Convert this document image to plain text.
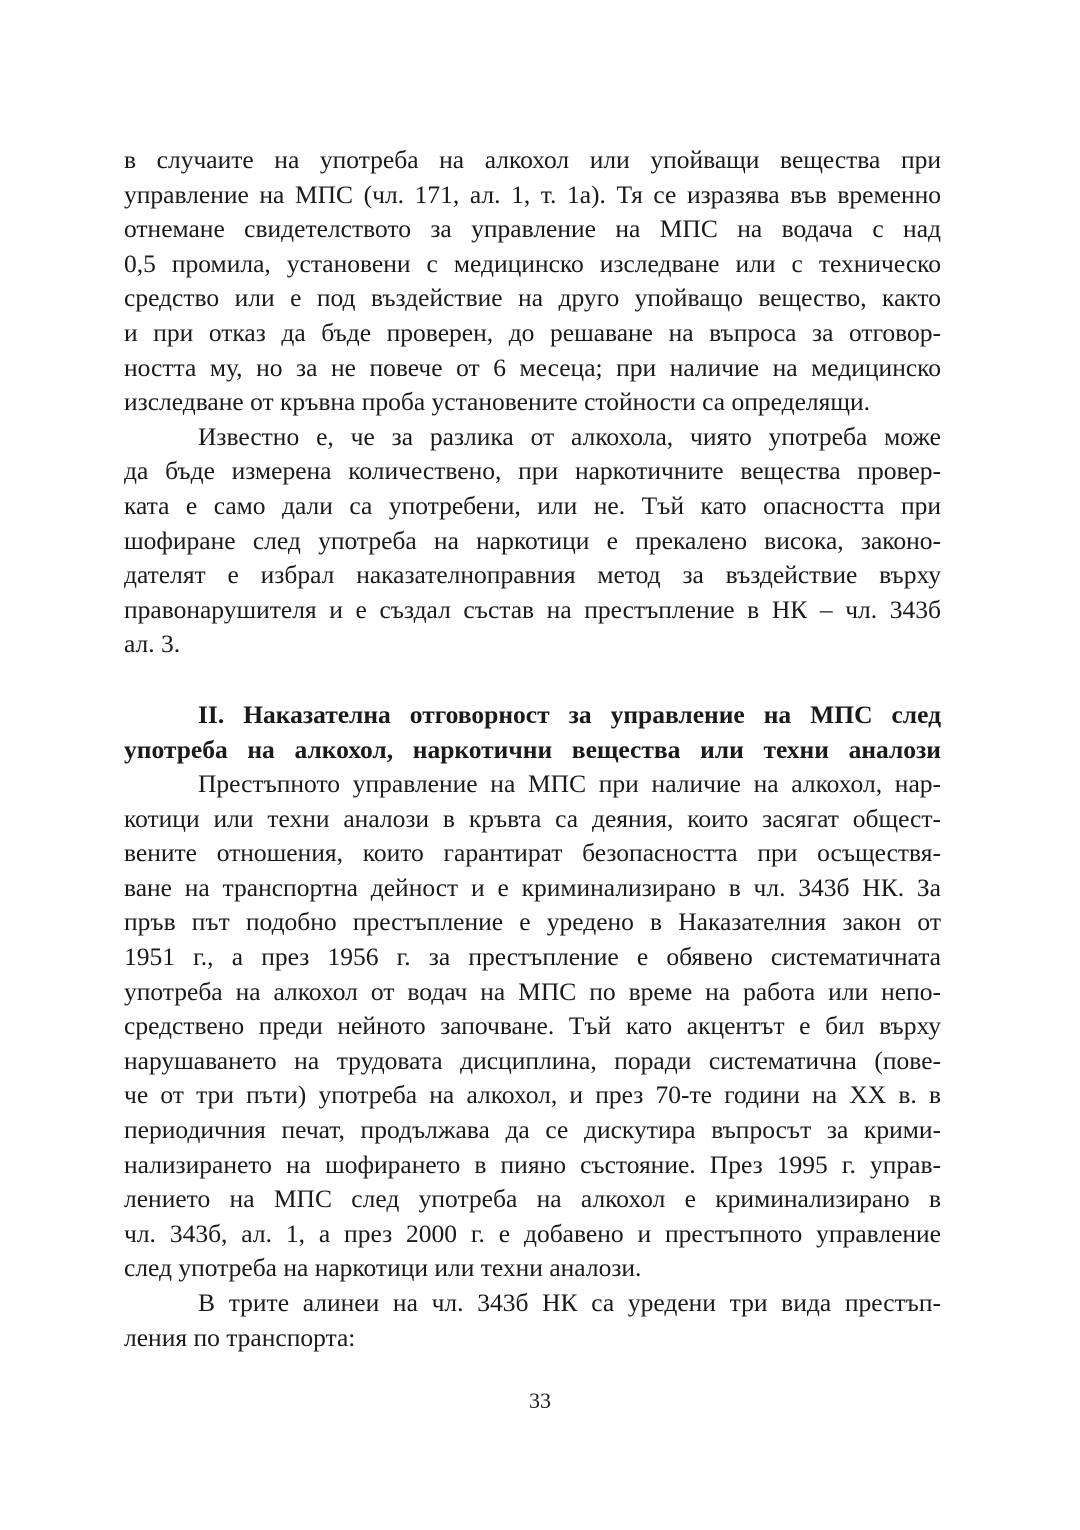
в случаите на употреба на алкохол или упойващи вещества при
управление на МПС (чл. 171, ал. 1, т. 1а). Тя се изразява във временно
отнемане свидетелството за управление на МПС на водача с над
0,5 промила, установени с медицинско изследване или с техническо
средство или е под въздействие на друго упойващо вещество, както
и при отказ да бъде проверен, до решаване на въпроса за отговор-
ността му, но за не повече от 6 месеца; при наличие на медицинско
изследване от кръвна проба установените стойности са определящи.
Известно е, че за разлика от алкохола, чиято употреба може
да бъде измерена количествено, при наркотичните вещества провер-
ката е само дали са употребени, или не. Тъй като опасността при
шофиране след употреба на наркотици е прекалено висока, законо-
дателят е избрал наказателноправния метод за въздействие върху
правонарушителя и е създал състав на престъпление в НК – чл. 343б
ал. 3.
II. Наказателна отговорност за управление на МПС след
употреба на алкохол, наркотични вещества или техни аналози
Престъпното управление на МПС при наличие на алкохол, нар-
котици или техни аналози в кръвта са деяния, които засягат общест-
вените отношения, които гарантират безопасността при осъществя-
ване на транспортна дейност и е криминализирано в чл. 343б НК. За
пръв път подобно престъпление е уредено в Наказателния закон от
1951 г., а през 1956 г. за престъпление е обявено систематичната
употреба на алкохол от водач на МПС по време на работа или непо-
средствено преди нейното започване. Тъй като акцентът е бил върху
нарушаването на трудовата дисциплина, поради систематична (пове-
че от три пъти) употреба на алкохол, и през 70-те години на XX в. в
периодичния печат, продължава да се дискутира въпросът за крими-
нализирането на шофирането в пияно състояние. През 1995 г. управ-
лението на МПС след употреба на алкохол е криминализирано в
чл. 343б, ал. 1, а през 2000 г. е добавено и престъпното управление
след употреба на наркотици или техни аналози.
В трите алинеи на чл. 343б НК са уредени три вида престъп-
ления по транспорта:
33
